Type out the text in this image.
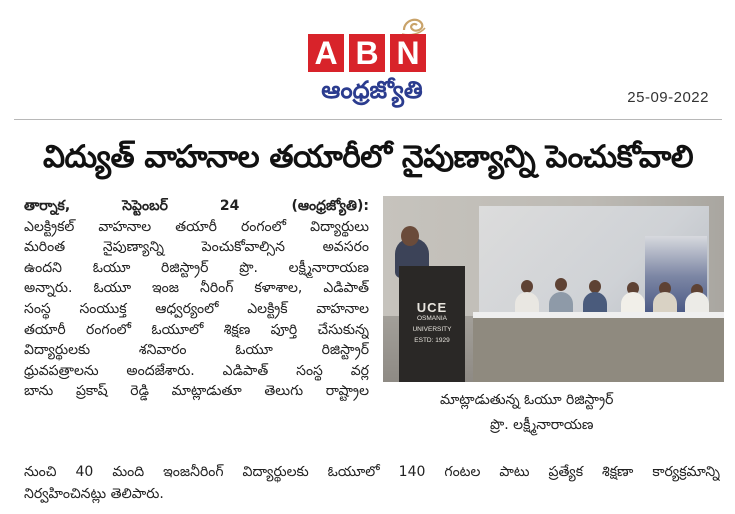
A B N
ఆంధ్రజ్యోతి	25-09-2022
విద్యుత్ వాహనాల తయారీలో నైపుణ్యాన్ని పెంచుకోవాలి
తార్నాక, సెప్టెంబర్ 24 (ఆంధ్రజ్యోతి):
ఎలక్ట్రికల్ వాహనాల తయారీ రంగంలో విద్యార్థులు
మరింత నైపుణ్యాన్ని పెంచుకోవాల్సిన అవసరం
ఉందని ఓయూ రిజిస్ట్రార్ ప్రొ. లక్ష్మీనారాయణ
అన్నారు. ఓయూ ఇంజ నీరింగ్ కళాశాల, ఎడిపాత్
సంస్థ సంయుక్త ఆధ్వర్యంలో ఎలక్ట్రిక్ వాహనాల
తయారీ రంగంలో ఓయూలో శిక్షణ పూర్తి చేసుకున్న
విద్యార్థులకు శనివారం ఓయూ రిజిస్ట్రార్
ధ్రువపత్రాలను అందజేశారు. ఎడిపాత్ సంస్థ వర్ల
బాను ప్రకాష్ రెడ్డి మాట్లాడుతూ తెలుగు రాష్ట్రాల
నుంచి 40 మంది ఇంజనీరింగ్ విద్యార్థులకు ఓయూలో 140 గంటల పాటు ప్రత్యేక శిక్షణా కార్యక్రమాన్ని
నిర్వహించినట్లు తెలిపారు.
UCE
OSMANIA UNIVERSITY
ESTD: 1929
మాట్లాడుతున్న ఓయూ రిజిస్ట్రార్
ప్రొ. లక్ష్మీనారాయణ
